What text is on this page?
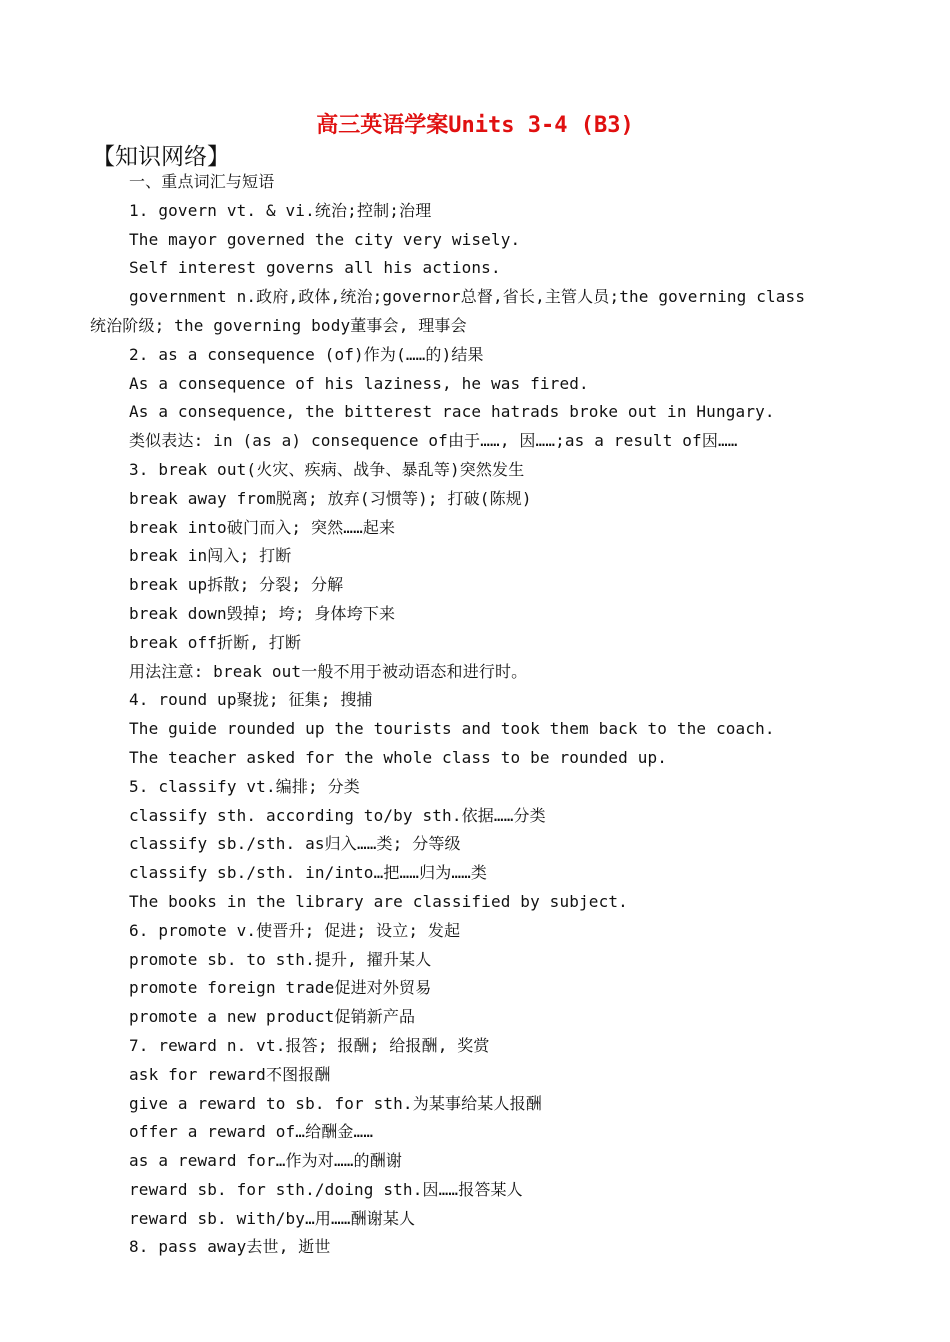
高三英语学案Units 3-4 (B3)
【知识网络】
一、重点词汇与短语
1. govern vt. & vi.统治;控制;治理
The mayor governed the city very wisely.
Self interest governs all his actions.
government n.政府,政体,统治;governor总督,省长,主管人员;the governing class
统治阶级; the governing body董事会, 理事会
2. as a consequence (of)作为(……的)结果
As a consequence of his laziness, he was fired.
As a consequence, the bitterest race hatrads broke out in Hungary.
类似表达: in (as a) consequence of由于……, 因……;as a result of因……
3. break out(火灾、疾病、战争、暴乱等)突然发生
break away from脱离; 放弃(习惯等); 打破(陈规)
break into破门而入; 突然……起来
break in闯入; 打断
break up拆散; 分裂; 分解
break down毁掉; 垮; 身体垮下来
break off折断, 打断
用法注意: break out一般不用于被动语态和进行时。
4. round up聚拢; 征集; 搜捕
The guide rounded up the tourists and took them back to the coach.
The teacher asked for the whole class to be rounded up.
5. classify vt.编排; 分类
classify sth. according to/by sth.依据……分类
classify sb./sth. as归入……类; 分等级
classify sb./sth. in/into…把……归为……类
The books in the library are classified by subject.
6. promote v.使晋升; 促进; 设立; 发起
promote sb. to sth.提升, 擢升某人
promote foreign trade促进对外贸易
promote a new product促销新产品
7. reward n. vt.报答; 报酬; 给报酬, 奖赏
ask for reward不图报酬
give a reward to sb. for sth.为某事给某人报酬
offer a reward of…给酬金……
as a reward for…作为对……的酬谢
reward sb. for sth./doing sth.因……报答某人
reward sb. with/by…用……酬谢某人
8. pass away去世, 逝世
